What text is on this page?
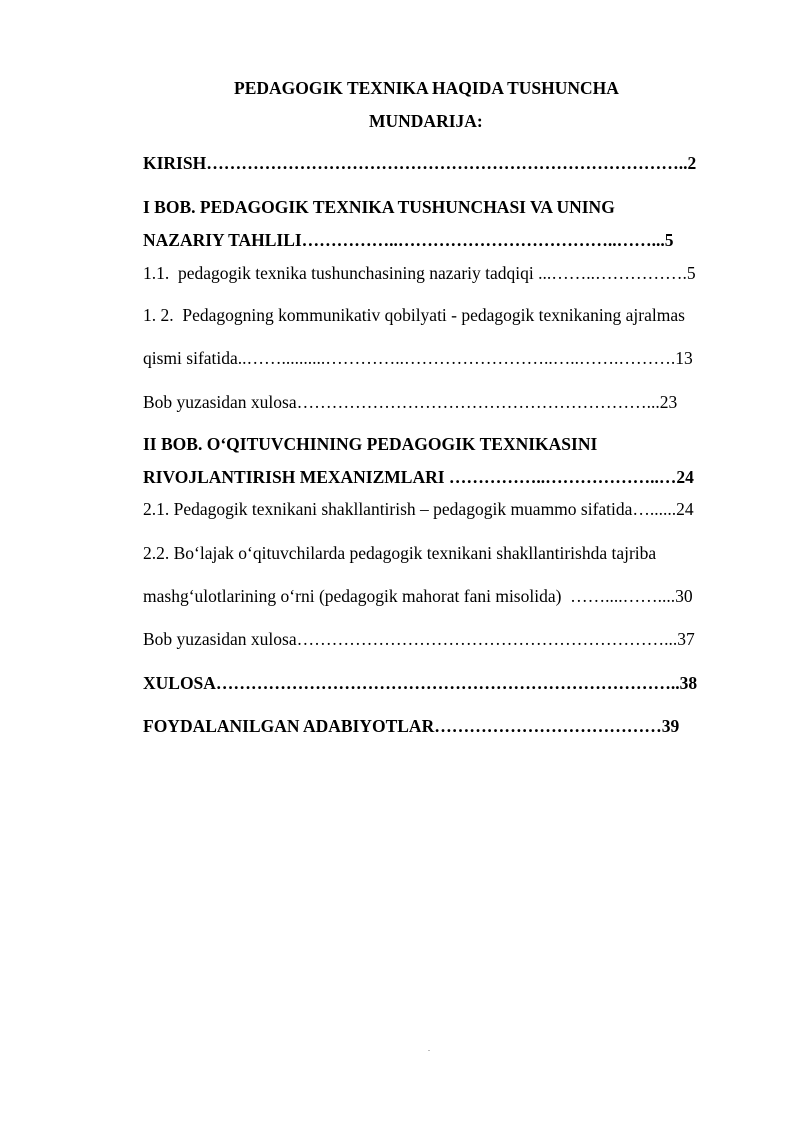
PEDAGOGIK TEXNIKA HAQIDA TUSHUNCHA
MUNDARIJA:
KIRISH………………………………………………………………………..2
I BOB. PEDAGOGIK TEXNIKA TUSHUNCHASI VA UNING
NAZARIY TAHLILI……………..………………………………..……...5
1.1.  pedagogik texnika tushunchasining nazariy tadqiqi ...……..…………….5
1. 2.  Pedagogning kommunikativ qobilyati - pedagogik texnikaning ajralmas
qismi sifatida..……..........…………..……………………..…..…….……….13
Bob yuzasidan xulosa……………………………………………………...23
II BOB. O‘QITUVCHINING PEDAGOGIK TEXNIKASINI
RIVOJLANTIRISH MEXANIZMLARI ……………..………………..…24
2.1. Pedagogik texnikani shakllantirish – pedagogik muammo sifatida…......24
2.2. Bo‘lajak o‘qituvchilarda pedagogik texnikani shakllantirishda tajriba
mashg‘ulotlarining o‘rni (pedagogik mahorat fani misolida)  ……....……....30
Bob yuzasidan xulosa………………………………………………………...37
XULOSA……………………………………………………………………..38
FOYDALANILGAN ADABIYOTLAR…………………………………39
